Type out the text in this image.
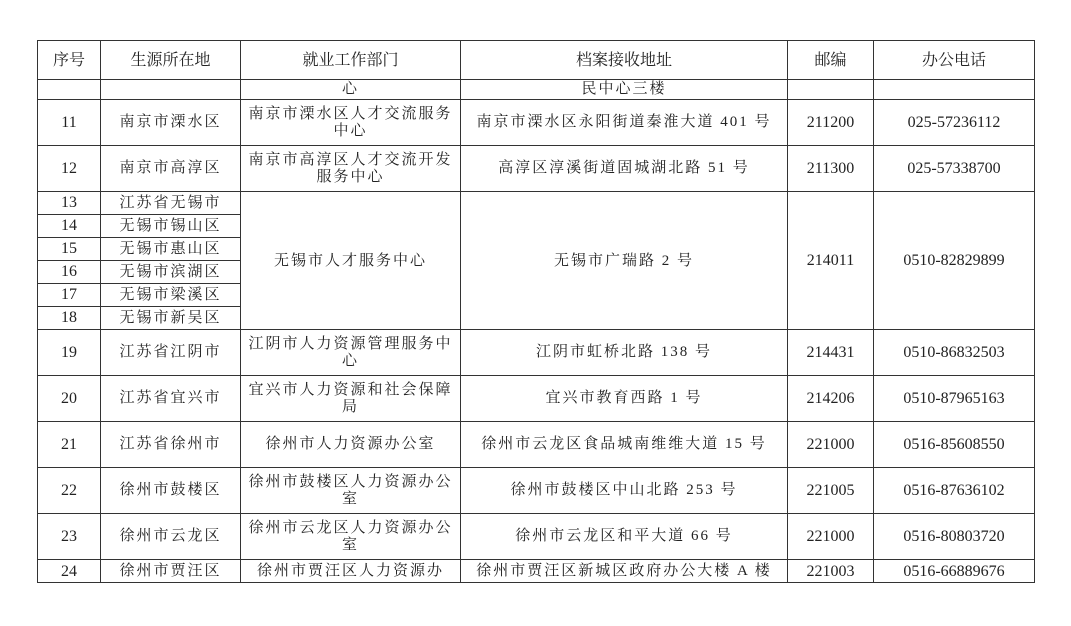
序号	生源所在地	就业工作部门	档案接收地址	邮编	办公电话
		心	民中心三楼		
11	南京市溧水区	南京市溧水区人才交流服务中心	南京市溧水区永阳街道秦淮大道 401 号	211200	025-57236112
12	南京市高淳区	南京市高淳区人才交流开发服务中心	高淳区淳溪街道固城湖北路 51 号	211300	025-57338700
13	江苏省无锡市	无锡市人才服务中心	无锡市广瑞路 2 号	214011	0510-82829899
14	无锡市锡山区				
15	无锡市惠山区				
16	无锡市滨湖区				
17	无锡市梁溪区				
18	无锡市新吴区				
19	江苏省江阴市	江阴市人力资源管理服务中心	江阴市虹桥北路 138 号	214431	0510-86832503
20	江苏省宜兴市	宜兴市人力资源和社会保障局	宜兴市教育西路 1 号	214206	0510-87965163
21	江苏省徐州市	徐州市人力资源办公室	徐州市云龙区食品城南维维大道 15 号	221000	0516-85608550
22	徐州市鼓楼区	徐州市鼓楼区人力资源办公室	徐州市鼓楼区中山北路 253 号	221005	0516-87636102
23	徐州市云龙区	徐州市云龙区人力资源办公室	徐州市云龙区和平大道 66 号	221000	0516-80803720
24	徐州市贾汪区	徐州市贾汪区人力资源办	徐州市贾汪区新城区政府办公大楼 A 楼	221003	0516-66889676
